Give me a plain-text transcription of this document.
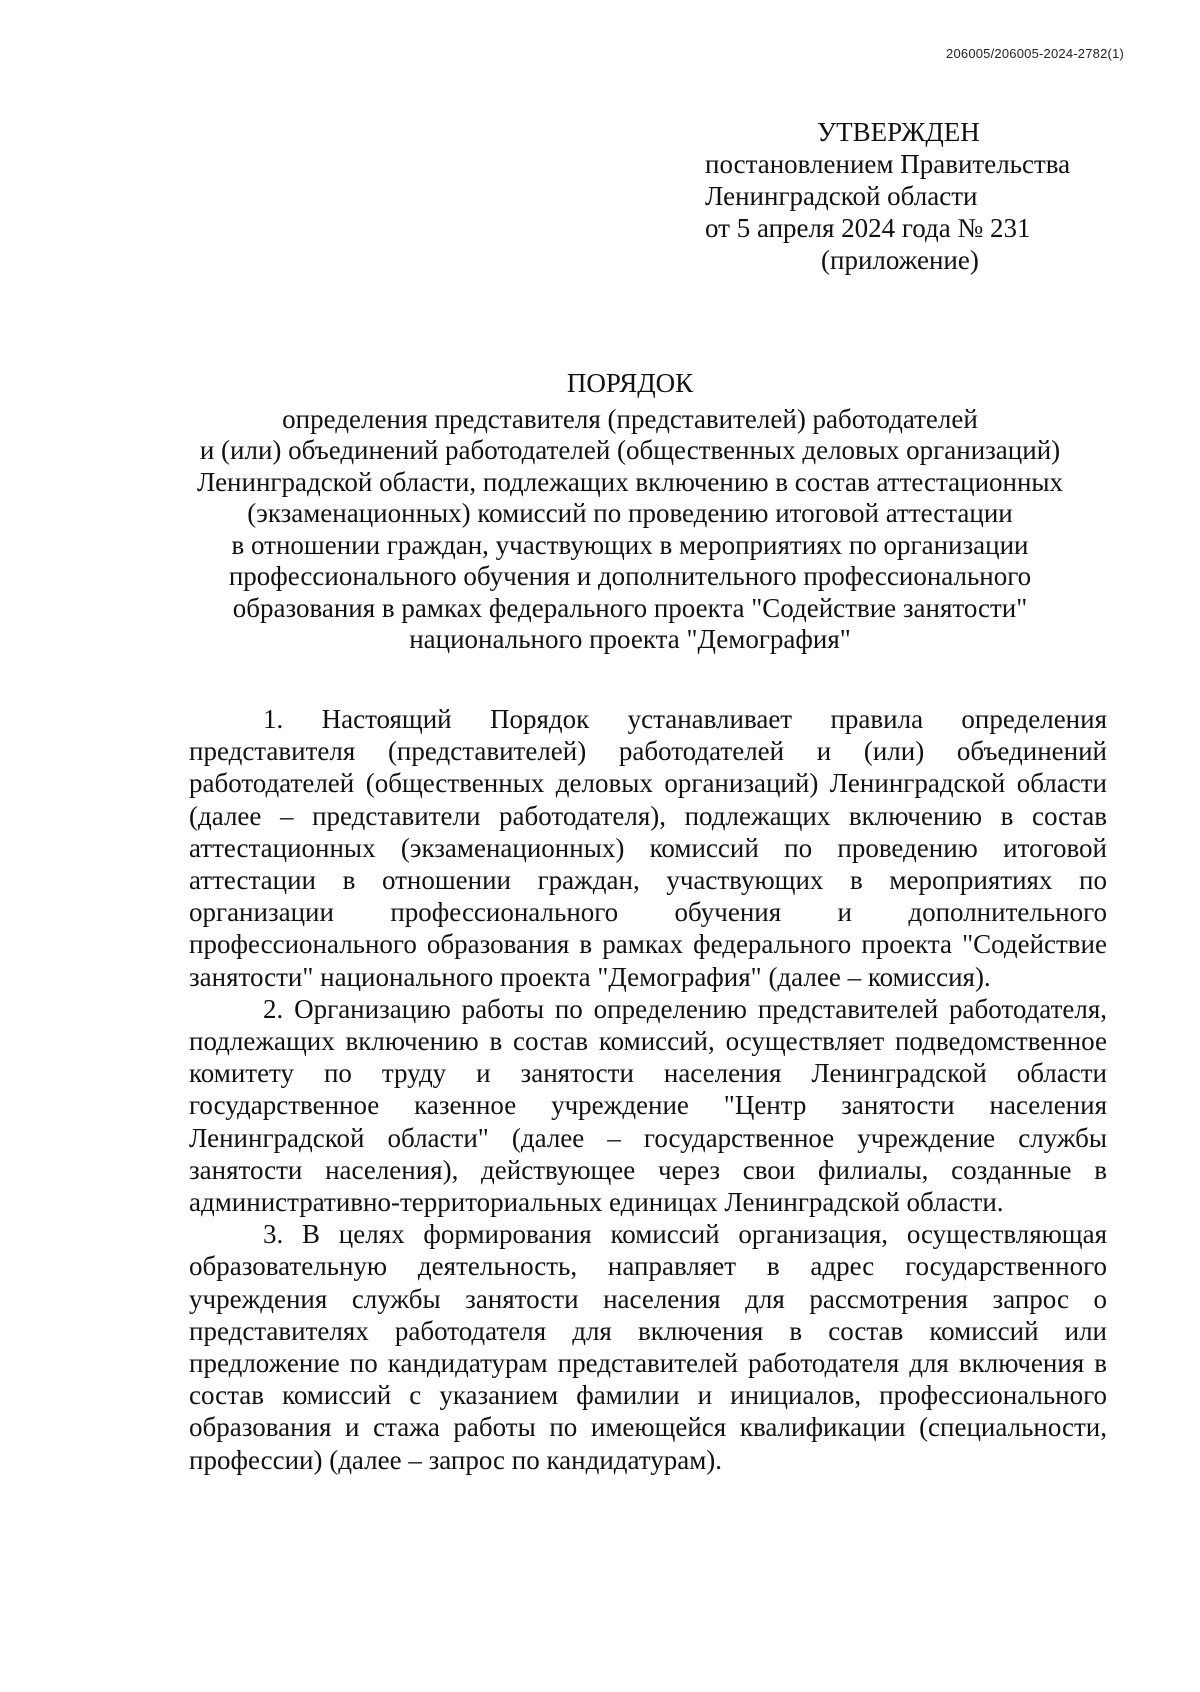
206005/206005-2024-2782(1)
УТВЕРЖДЕН
постановлением Правительства
Ленинградской области
от 5 апреля 2024 года № 231
(приложение)
ПОРЯДОК
определения представителя (представителей) работодателей
и (или) объединений работодателей (общественных деловых организаций)
Ленинградской области, подлежащих включению в состав аттестационных
(экзаменационных) комиссий по проведению итоговой аттестации
в отношении граждан, участвующих в мероприятиях по организации
профессионального обучения и дополнительного профессионального
образования в рамках федерального проекта "Содействие занятости"
национального проекта "Демография"

1. Настоящий Порядок устанавливает правила определения представителя (представителей) работодателей и (или) объединений работодателей (общественных деловых организаций) Ленинградской области (далее – представители работодателя), подлежащих включению в состав аттестационных (экзаменационных) комиссий по проведению итоговой аттестации в отношении граждан, участвующих в мероприятиях по организации профессионального обучения и дополнительного профессионального образования в рамках федерального проекта "Содействие занятости" национального проекта "Демография" (далее – комиссия).

2. Организацию работы по определению представителей работодателя, подлежащих включению в состав комиссий, осуществляет подведомственное комитету по труду и занятости населения Ленинградской области государственное казенное учреждение "Центр занятости населения Ленинградской области" (далее – государственное учреждение службы занятости населения), действующее через свои филиалы, созданные в административно-территориальных единицах Ленинградской области.

3. В целях формирования комиссий организация, осуществляющая образовательную деятельность, направляет в адрес государственного учреждения службы занятости населения для рассмотрения запрос о представителях работодателя для включения в состав комиссий или предложение по кандидатурам представителей работодателя для включения в состав комиссий с указанием фамилии и инициалов, профессионального образования и стажа работы по имеющейся квалификации (специальности, профессии) (далее – запрос по кандидатурам).
